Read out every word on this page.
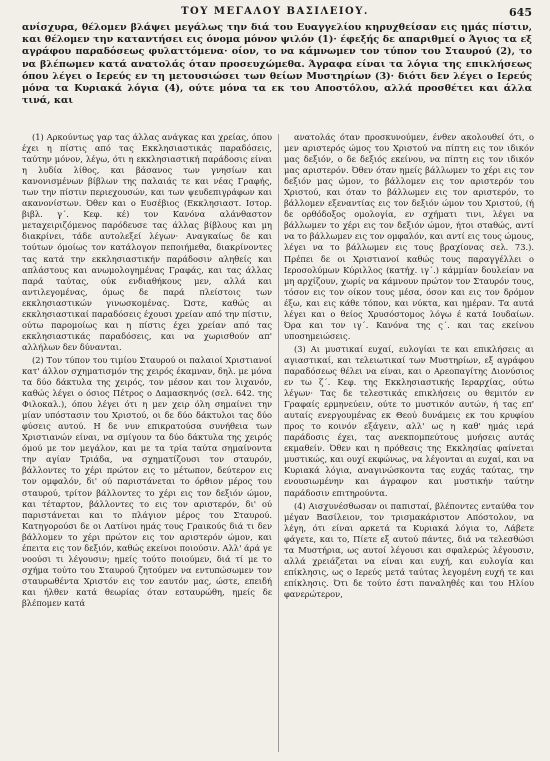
ΤΟΥ ΜΕΓΑΛΟΥ ΒΑΣΙΛΕΙΟΥ.	645

ανίσχυρα, θέλομεν βλάψει μεγάλως την διά του Ευαγγελίου κηρυχθείσαν εις ημάς πίστιν, και θέλομεν την καταντήσει εις όνομα μόνον ψιλόν (1)· έφεξής δε απαριθμεί ο Άγιος τα εξ αγράφου παραδόσεως φυλαττόμενα· οίον, το να κάμνωμεν τον τύπον του Σταυρού (2), το να βλέπωμεν κατά ανατολάς όταν προσευχώμεθα. Άγραφα είναι τα λόγια της επικλήσεως όπου λέγει ο Ιερεύς εν τη μετουσιώσει των θείων Μυστηρίων (3)· διότι δεν λέγει ο Ιερεύς μόνα τα Κυριακά λόγια (4), ούτε μόνα τα εκ του Αποστόλου, αλλά προσθέτει και άλλα τινά, και

(1) Αρκούντως γαρ τας άλλας ανάγκας και χρείας, όπου έχει η πίστις από τας Εκκλησιαστικάς παραδόσεις, ταύτην μόνον, λέγω, ότι η εκκλησιαστική παράδοσις είναι η λυδία λίθος, και βάσανος των γνησίων και κανονισμένων βίβλων της παλαιάς τε και νέας Γραφής, των την πίστιν περιεχουσών, και των ψευδεπιγράφων και ακανονίστων. Όθεν και ο Ευσέβιος (Εκκλησιαστ. Ιστορ. βιβλ. γ΄. Κεφ. κέ) τον Κανόνα αλάνθαστον μεταχειριζόμενος παρόδευσε τας άλλας βίβλους και μη διακρίνει, τάδε αυτολεξεί λέγων· Αναγκαίως δε και τούτων όμοίως τον κατάλογον πεποιήμεθα, διακρίνοντες τας κατά την εκκλησιαστικήν παράδοσιν αληθείς και απλάστους και ανωμολογημένας Γραφάς, και τας άλλας παρά ταύτας, ούκ ενδιαθήκους μεν, αλλά και αντιλεγομένας, όμως δε παρά πλείστοις των εκκλησιαστικών γινωσκομένας. Ώστε, καθώς αι εκκλησιαστικαί παραδόσεις έχουσι χρείαν από την πίστιν, ούτω παρομοίως και η πίστις έχει χρείαν από τας εκκλησιαστικάς παραδόσεις, και να χωρισθούν απ' αλλήλων δεν δύνανται.

(2) Τον τύπον του τιμίου Σταυρού οι παλαιοί Χριστιανοί κατ' άλλον σχηματισμόν της χειρός έκαμναν, δηλ. με μόνα τα δύο δάκτυλα της χειρός, τον μέσον και τον λιχανόν, καθώς λέγει ο όσιος Πέτρος ο Δαμασκηνός (σελ. 642. της Φιλοκαλ.), όπου λέγει ότι η μεν χειρ όλη σημαίνει την μίαν υπόστασιν του Χριστού, οι δε δύο δάκτυλοι τας δύο φύσεις αυτού. Η δε νυν επικρατούσα συνήθεια των Χριστιανών είναι, να σμίγουν τα δύο δάκτυλα της χειρός όμού με τον μεγάλον, και με τα τρία ταύτα σημαίνοντα την αγίαν Τριάδα, να σχηματίζουσι τον σταυρόν, βάλλοντες το χέρι πρώτον εις το μέτωπον, δεύτερον εις τον ομφαλόν, δι' ού παριστάνεται το όρθιον μέρος του σταυρού, τρίτον βάλλοντες το χέρι εις τον δεξιόν ώμον, και τέταρτον, βάλλοντες το εις τον αριστερόν, δι' ού παριστάνεται και το πλάγιον μέρος του Σταυρού. Κατηγορούσι δε οι Λατίνοι ημάς τους Γραικούς διά τι δεν βάλλομεν το χέρι πρώτον εις τον αριστερόν ώμον, και έπειτα εις τον δεξιόν, καθώς εκείνοι ποιούσιν. Αλλ' άρά γε νοούσι τι λέγουσιν; ημείς τούτο ποιούμεν, διά τί με το σχήμα τούτο του Σταυρού ζητούμεν να εντυπώσωμεν τον σταυρωθέντα Χριστόν εις τον εαυτόν μας, ώστε, επειδή και ήλθεν κατά θεωρίας όταν εσταυρώθη, ημείς δε βλέπομεν κατά

ανατολάς όταν προσκυνούμεν, ένθεν ακολουθεί ότι, ο μεν αριστερός ώμος του Χριστού να πίπτη εις τον ιδικόν μας δεξιόν, ο δε δεξιός εκείνου, να πίπτη εις τον ιδικόν μας αριστερόν. Όθεν όταν ημείς βάλλωμεν το χέρι εις τον δεξιόν μας ώμον, το βάλλομεν εις τον αριστερόν του Χριστού, και όταν το βάλλωμεν εις τον αριστερόν, το βάλλομεν εξεναντίας εις τον δεξιόν ώμον του Χριστού, (ή δε ορθόδοξος ομολογία, εν σχήματι τινι, λέγει να βάλλωμεν το χέρι εις τον δεξιόν ώμον, ήτοι σταθώς, αντί να το βάλλωμεν εις τον ομφαλόν, και αντί εις τους ώμους, λέγει να το βάλλωμεν εις τους βραχίονας σελ. 73.). Πρέπει δε οι Χριστιανοί καθώς τους παραγγέλλει ο Ιεροσολύμων Κύριλλος (κατήχ. ιγ΄.) κάμμίαν δουλείαν να μη αρχίζουν, χωρίς να κάμνουν πρώτον τον Σταυρόν τους, τόσον εις τον οίκον τους μέσα, όσον και εις τον δρόμον έξω, και εις κάθε τόπον, και νύκτα, και ημέραν. Τα αυτά λέγει και ο θείος Χρυσόστομος λόγω έ κατά Ιουδαίων. Όρα και τον ιγ΄. Κανόνα της ς΄. και τας εκείνου υποσημειώσεις.

(3) Αι μυστικαί ευχαί, ευλογίαι τε και επικλήσεις αι αγιαστικαί, και τελειωτικαί των Μυστηρίων, εξ αγράφου παραδόσεως θέλει να είναι, και ο Αρεοπαγίτης Διονύσιος εν τω ζ΄. Κεφ. της Εκκλησιαστικής Ιεραρχίας, ούτω λέγων· Τας δε τελεστικάς επικλήσεις ου θεμιτόν εν Γραφαίς ερμηνεύειν, ούτε το μυστικόν αυτών, ή τας επ' αυταίς ενεργουμένας εκ Θεού δυνάμεις εκ του κρυφίου προς το κοινόν εξάγειν, αλλ' ως η καθ' ημάς ιερά παράδοσις έχει, τας ανεκπομπεύτους μυήσεις αυτάς εκμαθείν. Όθεν και η πρόθεσις της Εκκλησίας φαίνεται μυστικώς, και ουχί εκφώνως, να λέγονται αι ευχαί, και να Κυριακά λόγια, αναγινώσκοντα τας ευχάς ταύτας, την ενουσιωμένην και άγραφον και μυστικήν ταύτην παράδοσιν επιτηρούντα.

(4) Αισχυνέσθωσαν οι παπισταί, βλέποντες ενταύθα τον μέγαν Βασίλειον, τον τρισμακάριστον Απόστολον, να λέγη, ότι είναι αρκετά τα Κυριακά λόγια το, Λάβετε φάγετε, και το, Πίετε εξ αυτού πάντες, διά να τελεσθώσι τα Μυστήρια, ως αυτοί λέγουσι και σφαλερώς λέγουσιν, αλλά χρειάζεται να είναι και ευχή, και ευλογία και επίκλησις, ως ο Ιερεύς μετά ταύτας λεγομένη ευχή τε και επίκλησις. Ότι δε τούτο έστι παναληθές και του Ηλίου φανερώτερον,
